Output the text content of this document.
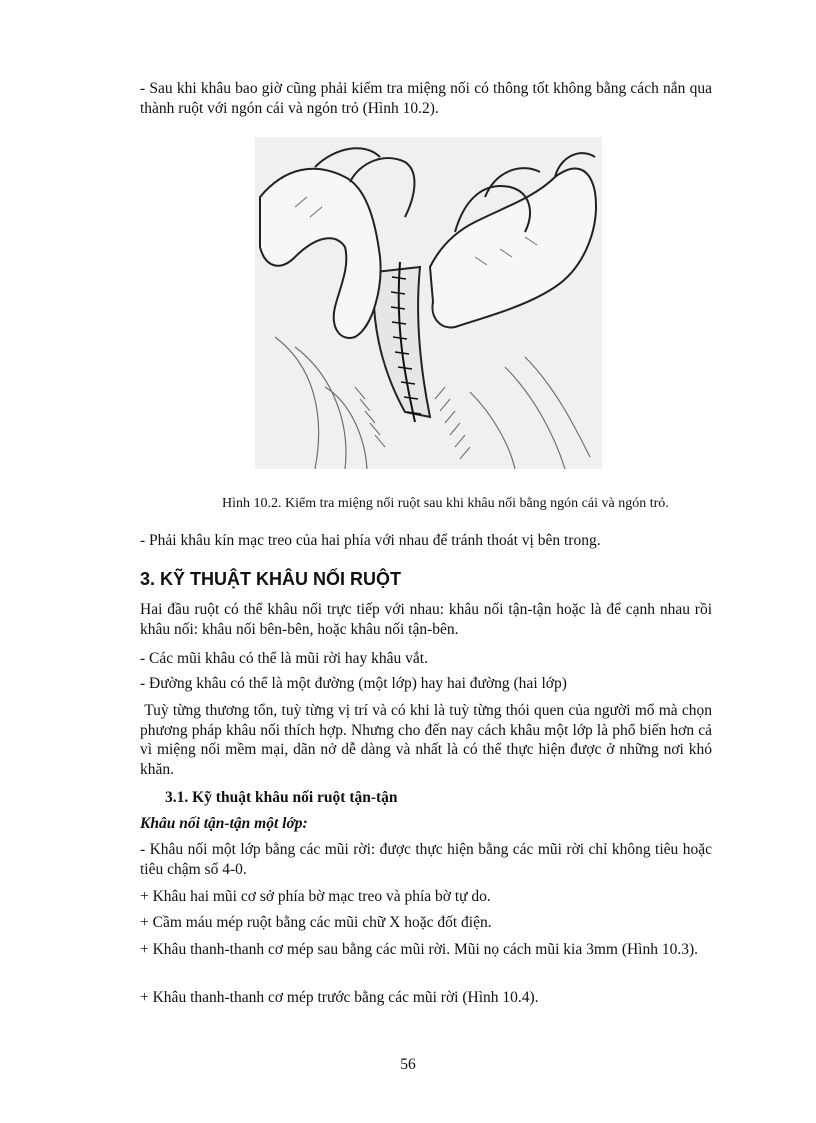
- Sau khi khâu bao giờ cũng phải kiểm tra miệng nối có thông tốt không bằng cách nắn qua thành ruột với ngón cái và ngón trỏ (Hình 10.2).

Hình 10.2. Kiểm tra miệng nối ruột sau khi khâu nối bằng ngón cái và ngón trỏ.

- Phải khâu kín mạc treo của hai phía với nhau để tránh thoát vị bên trong.

3. KỸ THUẬT KHÂU NỐI RUỘT

Hai đầu ruột có thể khâu nối trực tiếp với nhau: khâu nối tận-tận hoặc là để cạnh nhau rồi khâu nối: khâu nối bên-bên, hoặc khâu nối tận-bên.

- Các mũi khâu có thể là mũi rời hay khâu vắt.

- Đường khâu có thể là một đường (một lớp) hay hai đường (hai lớp)

Tuỳ từng thương tổn, tuỳ từng vị trí và có khi là tuỳ từng thói quen của người mổ mà chọn phương pháp khâu nối thích hợp. Nhưng cho đến nay cách khâu một lớp là phổ biến hơn cả vì miệng nối mềm mại, dãn nở dễ dàng và nhất là có thể thực hiện được ở những nơi khó khăn.

3.1. Kỹ thuật khâu nối ruột tận-tận
Khâu nối tận-tận một lớp:

- Khâu nối một lớp bằng các mũi rời: được thực hiện bằng các mũi rời chỉ không tiêu hoặc tiêu chậm số 4-0.

+ Khâu hai mũi cơ sở phía bờ mạc treo và phía bờ tự do.

+ Cầm máu mép ruột bằng các mũi chữ X hoặc đốt điện.

+ Khâu thanh-thanh cơ mép sau bằng các mũi rời. Mũi nọ cách mũi kia 3mm (Hình 10.3).

+ Khâu thanh-thanh cơ mép trước bằng các mũi rời (Hình 10.4).

56
